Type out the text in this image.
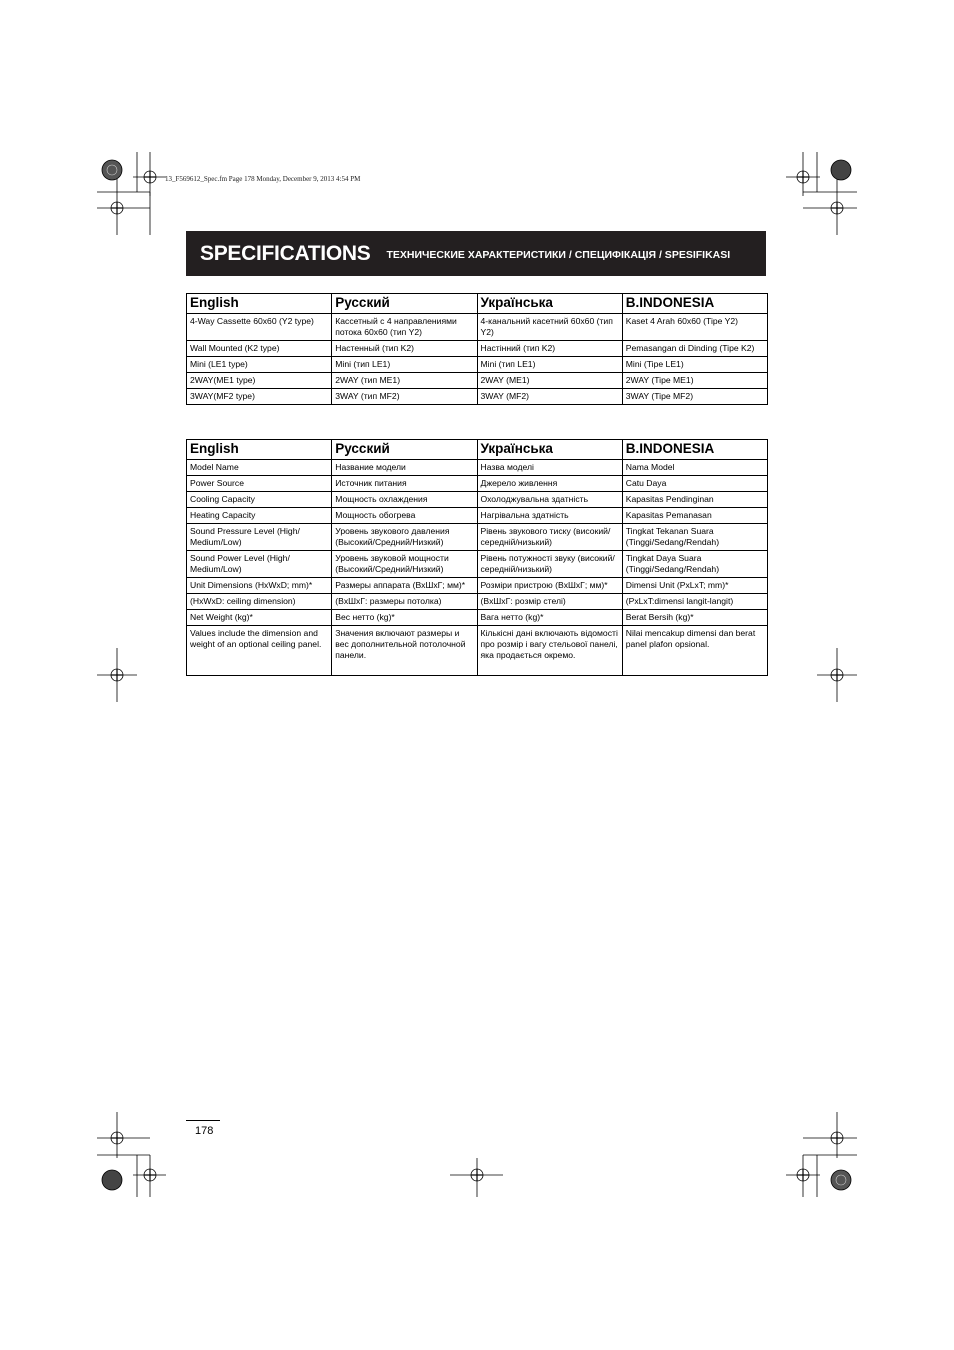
13_F569612_Spec.fm Page 178 Monday, December 9, 2013 4:54 PM
SPECIFICATIONS ТЕХНИЧЕСКИЕ ХАРАКТЕРИСТИКИ / СПЕЦИФІКАЦІЯ / SPESIFIKASI
English	Русский	Українська	B.INDONESIA
4-Way Cassette 60x60 (Y2 type)	Кассетный с 4 направлениями потока 60x60 (тип Y2)	4-канальний касетний 60x60 (тип Y2)	Kaset 4 Arah 60x60 (Tipe Y2)
Wall Mounted (K2 type)	Настенный (тип K2)	Настінний (тип K2)	Pemasangan di Dinding (Tipe K2)
Mini (LE1 type)	Mini (тип LE1)	Mini (тип LE1)	Mini (Tipe LE1)
2WAY(ME1 type)	2WAY (тип ME1)	2WAY (ME1)	2WAY (Tipe ME1)
3WAY(MF2 type)	3WAY (тип MF2)	3WAY (MF2)	3WAY (Tipe MF2)
English	Русский	Українська	B.INDONESIA
Model Name	Название модели	Назва моделі	Nama Model
Power Source	Источник питания	Джерело живлення	Catu Daya
Cooling Capacity	Мощность охлаждения	Охолоджувальна здатність	Kapasitas Pendinginan
Heating Capacity	Мощность обогрева	Нагрівальна здатність	Kapasitas Pemanasan
Sound Pressure Level (High/ Medium/Low)	Уровень звукового давления (Высокий/Средний/Низкий)	Рівень звукового тиску (високий/середній/низький)	Tingkat Tekanan Suara (Tinggi/Sedang/Rendah)
Sound Power Level (High/ Medium/Low)	Уровень звуковой мощности (Высокий/Средний/Низкий)	Рівень потужності звуку (високий/середній/низький)	Tingkat Daya Suara (Tinggi/Sedang/Rendah)
Unit Dimensions (HxWxD; mm)*	Размеры аппарата (ВxШxГ; мм)*	Розміри пристрою (ВxШxГ; мм)*	Dimensi Unit (PxLxT; mm)*
(HxWxD: ceiling dimension)	(ВxШxГ: размеры потолка)	(ВxШxГ: розмір стелі)	(PxLxT:dimensi langit-langit)
Net Weight (kg)*	Вес нетто (kg)*	Вага нетто (kg)*	Berat Bersih (kg)*
Values include the dimension and weight of an optional ceiling panel.	Значения включают размеры и вес дополнительной потолочной панели.	Кількісні дані включають відомості про розмір і вагу стельової панелі, яка продається окремо.	Nilai mencakup dimensi dan berat panel plafon opsional.
178
